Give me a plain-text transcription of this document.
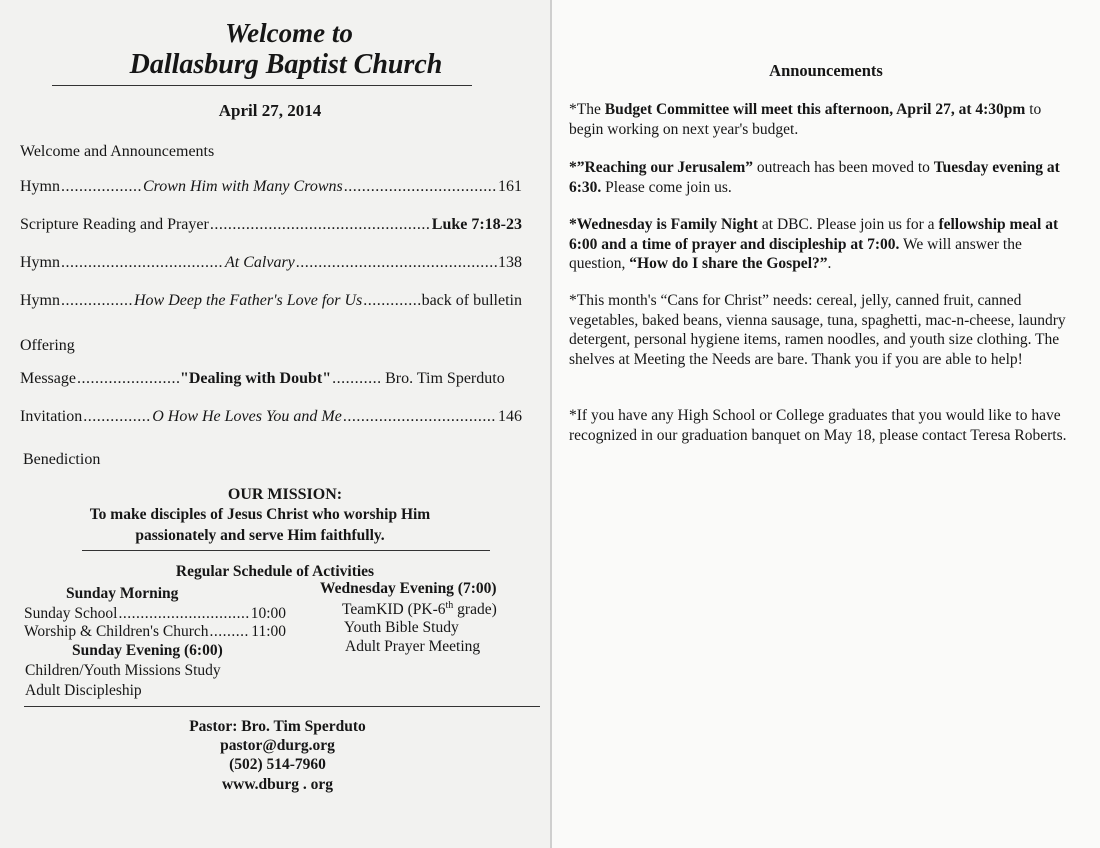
Welcome to
Dallasburg Baptist Church
April 27, 2014
Welcome and Announcements
Hymn .....	Crown Him with Many Crowns .....	161
Scripture Reading and Prayer .....	Luke 7:18-23
Hymn .....	At Calvary .....	138
Hymn .....	How Deep the Father's Love for Us .....	back of bulletin
Offering
Message .....	"Dealing with Doubt" .....	Bro. Tim Sperduto
Invitation .....	O How He Loves You and Me .....	146
Benediction
OUR MISSION:
To make disciples of Jesus Christ who worship Him passionately and serve Him faithfully.
Regular Schedule of Activities
Sunday Morning
Sunday School .....	10:00
Worship & Children's Church .....	11:00
Sunday Evening (6:00)
Children/Youth Missions Study
Adult Discipleship
Wednesday Evening (7:00)
TeamKID (PK-6th grade)
Youth Bible Study
Adult Prayer Meeting
Pastor: Bro. Tim Sperduto
pastor@durg.org
(502) 514-7960
www.dburg . org
Announcements
*The Budget Committee will meet this afternoon, April 27, at 4:30pm to begin working on next year's budget.
*”Reaching our Jerusalem” outreach has been moved to Tuesday evening at 6:30. Please come join us.
*Wednesday is Family Night at DBC. Please join us for a fellowship meal at 6:00 and a time of prayer and discipleship at 7:00. We will answer the question, “How do I share the Gospel?”.
*This month's “Cans for Christ” needs: cereal, jelly, canned fruit, canned vegetables, baked beans, vienna sausage, tuna, spaghetti, mac-n-cheese, laundry detergent, personal hygiene items, ramen noodles, and youth size clothing. The shelves at Meeting the Needs are bare. Thank you if you are able to help!
*If you have any High School or College graduates that you would like to have recognized in our graduation banquet on May 18, please contact Teresa Roberts.
